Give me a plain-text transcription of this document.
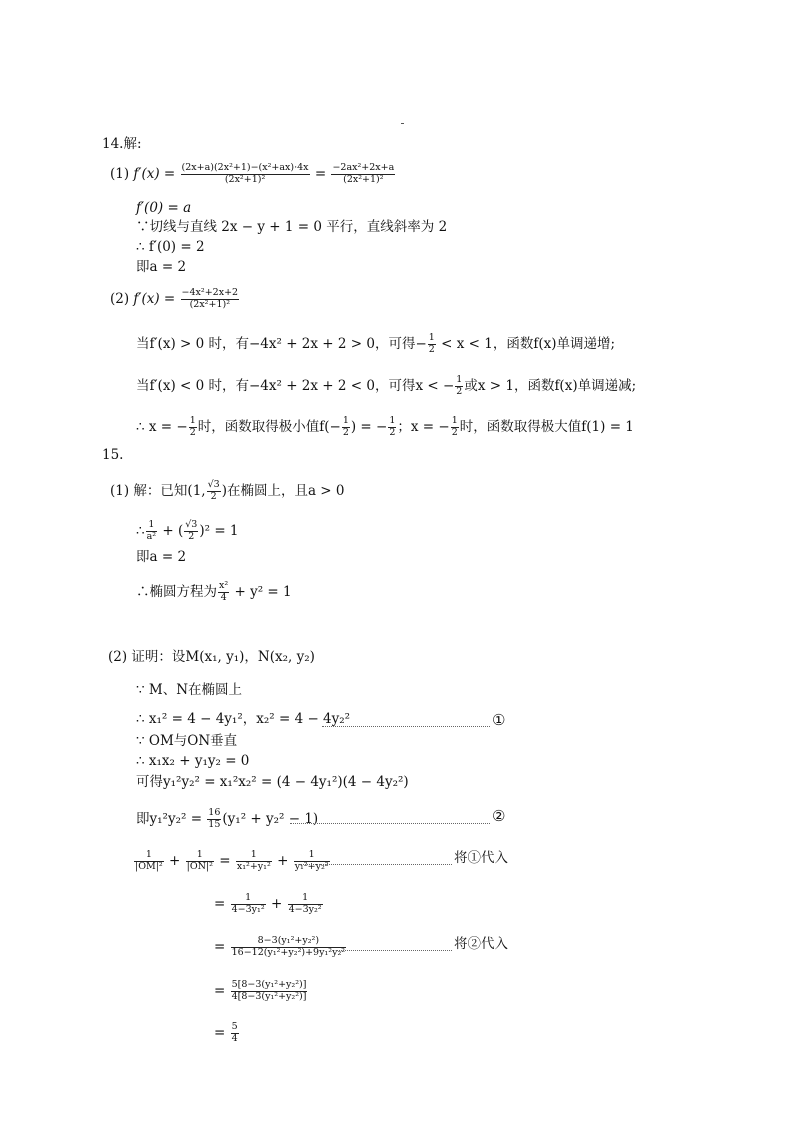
14.解:
(1) $f'(x) = \frac{\text{(2x+a)(2x²+1)−(x²+ax)·4x}}{\text{(2x²+1)²}} = \frac{\text{−2ax²+2x+a}}{\text{(2x²+1)²}}$
f′(0) = a
∵切线与直线 2x − y + 1 = 0 平行，直线斜率为 2
∴ f′(0) = 2
即a = 2
(2) $f'(x) = \frac{\text{−4x²+2x+2}}{\text{(2x²+1)²}}$
当f′(x) > 0 时，有−4x² + 2x + 2 > 0，可得− $\frac{1}{2} < x < 1$，函数f(x)单调递增;
当f′(x) < 0 时，有−4x² + 2x + 2 < 0，可得x < − $\frac{1}{2}$ 或x > 1，函数f(x)单调递减;
∴ x = − $\frac{1}{2}$ 时，函数取得极小值$f(- \frac{1}{2}$ ) = − $\frac{1}{2}$ ；x = − $\frac{1}{2}$ 时，函数取得极大值f(1) = 1
15.
(1) 解：已知(1, $\frac{√3}{2}$ )在椭圆上，且a > 0
∴ $\frac{1}{\text{a²}}$ + ( $\frac{√3}{2} )^2 = 1$
即a = 2
∴椭圆方程为 $\frac{\text{x²}}{4} + y^2 = 1$
(2) 证明：设M(x₁, y₁)，N(x₂, y₂)
∵ M、N在椭圆上
∴ x₁² = 4 − 4y₁²，x₂² = 4 − 4y₂²	①
∵ OM与ON垂直
∴ x₁x₂ + y₁y₂ = 0
可得y₁²y₂² = x₁²x₂² = (4 − 4y₁²)(4 − 4y₂²)
即$y_1^2y_2^2 = \frac{16}{15} (y_1^2 + y_2^2 - 1)$	②
$\frac{1}{\text{|OM|²}} + \frac{1}{\text{|ON|²}} = \frac{1}{\text{x₁²+y₁²}} + \frac{1}{\text{y₁²+y₂²}}$	将①代入
= $\frac{1}{\text{4−3y₁²}} + \frac{1}{\text{4−3y₂²}}$
= $\frac{\text{8−3(y₁²+y₂²)}}{\text{16−12(y₁²+y₂²)+9y₁²y₂²}}$	将②代入
= $\frac{\text{5[8−3(y₁²+y₂²)]}}{\text{4[8−3(y₁²+y₂²)]}}$
= $\frac{5}{4}$
